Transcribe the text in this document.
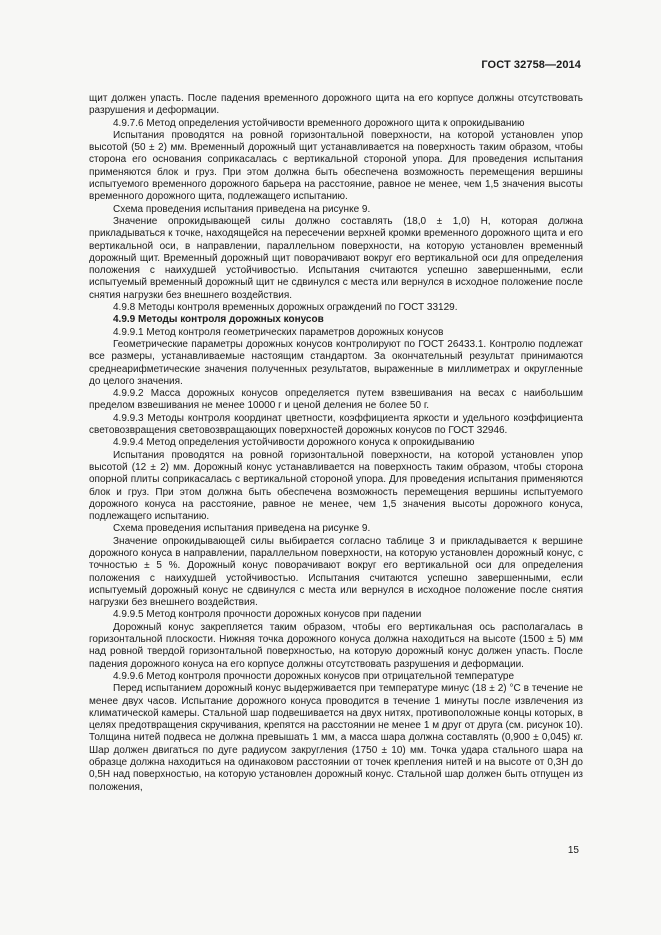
ГОСТ 32758—2014

щит должен упасть. После падения временного дорожного щита на его корпусе должны отсутствовать разрушения и деформации.

4.9.7.6 Метод определения устойчивости временного дорожного щита к опрокидыванию

Испытания проводятся на ровной горизонтальной поверхности, на которой установлен упор высотой (50 ± 2) мм. Временный дорожный щит устанавливается на поверхность таким образом, чтобы сторона его основания соприкасалась с вертикальной стороной упора. Для проведения испытания применяются блок и груз. При этом должна быть обеспечена возможность перемещения вершины испытуемого временного дорожного барьера на расстояние, равное не менее, чем 1,5 значения высоты временного дорожного щита, подлежащего испытанию.

Схема проведения испытания приведена на рисунке 9.

Значение опрокидывающей силы должно составлять (18,0 ± 1,0) Н, которая должна прикладываться к точке, находящейся на пересечении верхней кромки временного дорожного щита и его вертикальной оси, в направлении, параллельном поверхности, на которую установлен временный дорожный щит. Временный дорожный щит поворачивают вокруг его вертикальной оси для определения положения с наихудшей устойчивостью. Испытания считаются успешно завершенными, если испытуемый временный дорожный щит не сдвинулся с места или вернулся в исходное положение после снятия нагрузки без внешнего воздействия.

4.9.8 Методы контроля временных дорожных ограждений по ГОСТ 33129.

4.9.9 Методы контроля дорожных конусов

4.9.9.1 Метод контроля геометрических параметров дорожных конусов

Геометрические параметры дорожных конусов контролируют по ГОСТ 26433.1. Контролю подлежат все размеры, устанавливаемые настоящим стандартом. За окончательный результат принимаются среднеарифметические значения полученных результатов, выраженные в миллиметрах и округленные до целого значения.

4.9.9.2 Масса дорожных конусов определяется путем взвешивания на весах с наибольшим пределом взвешивания не менее 10000 г и ценой деления не более 50 г.

4.9.9.3 Методы контроля координат цветности, коэффициента яркости и удельного коэффициента световозвращения световозвращающих поверхностей дорожных конусов по ГОСТ 32946.

4.9.9.4 Метод определения устойчивости дорожного конуса к опрокидыванию

Испытания проводятся на ровной горизонтальной поверхности, на которой установлен упор высотой (12 ± 2) мм. Дорожный конус устанавливается на поверхность таким образом, чтобы сторона опорной плиты соприкасалась с вертикальной стороной упора. Для проведения испытания применяются блок и груз. При этом должна быть обеспечена возможность перемещения вершины испытуемого дорожного конуса на расстояние, равное не менее, чем 1,5 значения высоты дорожного конуса, подлежащего испытанию.

Схема проведения испытания приведена на рисунке 9.

Значение опрокидывающей силы выбирается согласно таблице 3 и прикладывается к вершине дорожного конуса в направлении, параллельном поверхности, на которую установлен дорожный конус, с точностью ± 5 %. Дорожный конус поворачивают вокруг его вертикальной оси для определения положения с наихудшей устойчивостью. Испытания считаются успешно завершенными, если испытуемый дорожный конус не сдвинулся с места или вернулся в исходное положение после снятия нагрузки без внешнего воздействия.

4.9.9.5 Метод контроля прочности дорожных конусов при падении

Дорожный конус закрепляется таким образом, чтобы его вертикальная ось располагалась в горизонтальной плоскости. Нижняя точка дорожного конуса должна находиться на высоте (1500 ± 5) мм над ровной твердой горизонтальной поверхностью, на которую дорожный конус должен упасть. После падения дорожного конуса на его корпусе должны отсутствовать разрушения и деформации.

4.9.9.6 Метод контроля прочности дорожных конусов при отрицательной температуре

Перед испытанием дорожный конус выдерживается при температуре минус (18 ± 2) °С в течение не менее двух часов. Испытание дорожного конуса проводится в течение 1 минуты после извлечения из климатической камеры. Стальной шар подвешивается на двух нитях, противоположные концы которых, в целях предотвращения скручивания, крепятся на расстоянии не менее 1 м друг от друга (см. рисунок 10). Толщина нитей подвеса не должна превышать 1 мм, а масса шара должна составлять (0,900 ± 0,045) кг. Шар должен двигаться по дуге радиусом закругления (1750 ± 10) мм. Точка удара стального шара на образце должна находиться на одинаковом расстоянии от точек крепления нитей и на высоте от 0,3H до 0,5H над поверхностью, на которую установлен дорожный конус. Стальной шар должен быть отпущен из положения,

15
